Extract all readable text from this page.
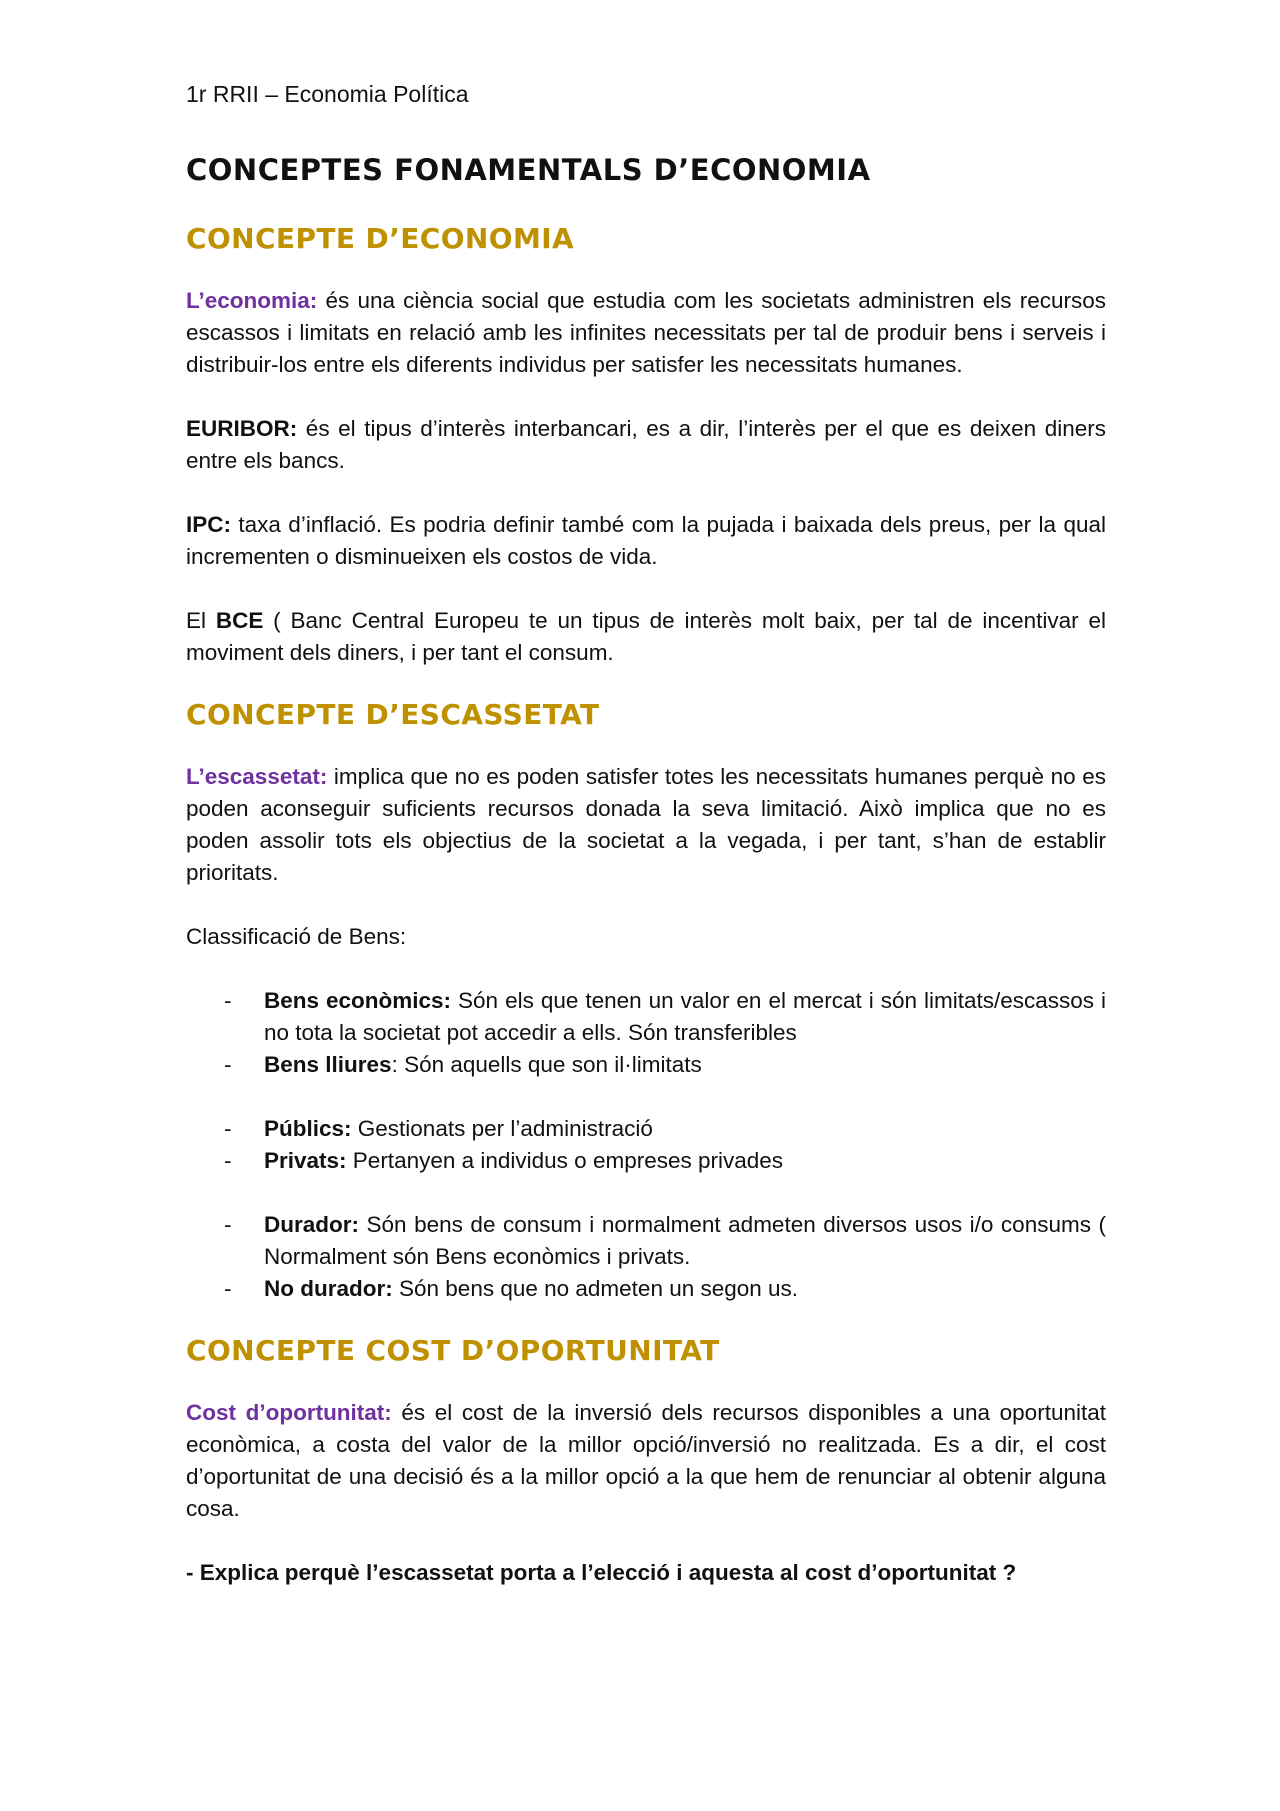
1r RRII – Economia Política
CONCEPTES FONAMENTALS D’ECONOMIA
CONCEPTE D’ECONOMIA

L’economia: és una ciència social que estudia com les societats administren els recursos escassos i limitats en relació amb les infinites necessitats per tal de produir bens i serveis i distribuir-los entre els diferents individus per satisfer les necessitats humanes.

EURIBOR: és el tipus d’interès interbancari, es a dir, l’interès per el que es deixen diners entre els bancs.

IPC: taxa d’inflació. Es podria definir també com la pujada i baixada dels preus, per la qual incrementen o disminueixen els costos de vida.

El BCE ( Banc Central Europeu te un tipus de interès molt baix, per tal de incentivar el moviment dels diners, i per tant el consum.

CONCEPTE D’ESCASSETAT

L’escassetat: implica que no es poden satisfer totes les necessitats humanes perquè no es poden aconseguir suficients recursos donada la seva limitació. Això implica que no es poden assolir tots els objectius de la societat a la vegada, i per tant, s’han de establir prioritats.

Classificació de Bens:

- Bens econòmics: Són els que tenen un valor en el mercat i són limitats/escassos i no tota la societat pot accedir a ells. Són transferibles
- Bens lliures: Són aquells que son il·limitats
- Públics: Gestionats per l’administració
- Privats: Pertanyen a individus o empreses privades
- Durador: Són bens de consum i normalment admeten diversos usos i/o consums ( Normalment són Bens econòmics i privats.
- No durador: Són bens que no admeten un segon us.
CONCEPTE COST D’OPORTUNITAT

Cost d’oportunitat: és el cost de la inversió dels recursos disponibles a una oportunitat econòmica, a costa del valor de la millor opció/inversió no realitzada. Es a dir, el cost d’oportunitat de una decisió és a la millor opció a la que hem de renunciar al obtenir alguna cosa.

- Explica perquè l’escassetat porta a l’elecció i aquesta al cost d’oportunitat ?
